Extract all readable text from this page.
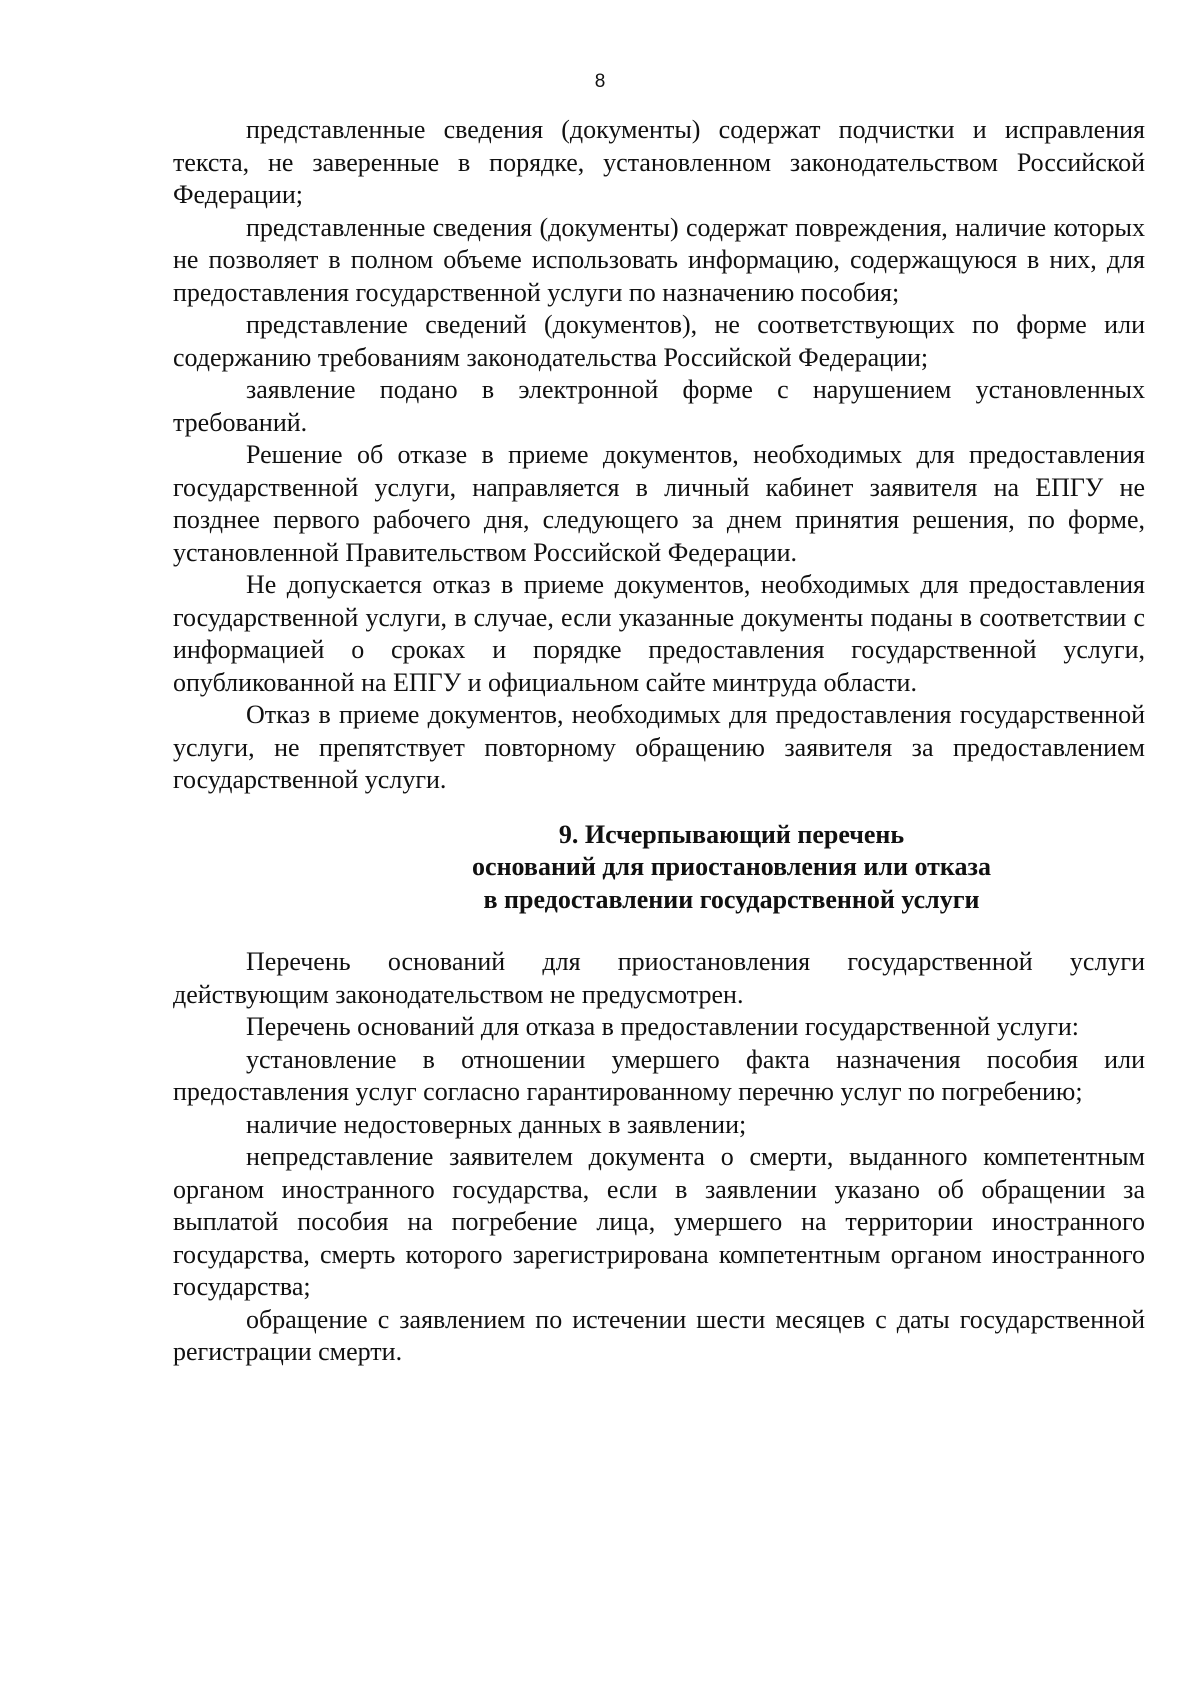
8

представленные сведения (документы) содержат подчистки и исправления текста, не заверенные в порядке, установленном законодательством Российской Федерации;

представленные сведения (документы) содержат повреждения, наличие которых не позволяет в полном объеме использовать информацию, содержащуюся в них, для предоставления государственной услуги по назначению пособия;

представление сведений (документов), не соответствующих по форме или содержанию требованиям законодательства Российской Федерации;

заявление подано в электронной форме с нарушением установленных требований.

Решение об отказе в приеме документов, необходимых для предоставления государственной услуги, направляется в личный кабинет заявителя на ЕПГУ не позднее первого рабочего дня, следующего за днем принятия решения, по форме, установленной Правительством Российской Федерации.

Не допускается отказ в приеме документов, необходимых для предоставления государственной услуги, в случае, если указанные документы поданы в соответствии с информацией о сроках и порядке предоставления государственной услуги, опубликованной на ЕПГУ и официальном сайте минтруда области.

Отказ в приеме документов, необходимых для предоставления государственной услуги, не препятствует повторному обращению заявителя за предоставлением государственной услуги.

9. Исчерпывающий перечень
оснований для приостановления или отказа
в предоставлении государственной услуги

Перечень оснований для приостановления государственной услуги действующим законодательством не предусмотрен.

Перечень оснований для отказа в предоставлении государственной услуги:

установление в отношении умершего факта назначения пособия или предоставления услуг согласно гарантированному перечню услуг по погребению;

наличие недостоверных данных в заявлении;

непредставление заявителем документа о смерти, выданного компетентным органом иностранного государства, если в заявлении указано об обращении за выплатой пособия на погребение лица, умершего на территории иностранного государства, смерть которого зарегистрирована компетентным органом иностранного государства;

обращение с заявлением по истечении шести месяцев с даты государственной регистрации смерти.
